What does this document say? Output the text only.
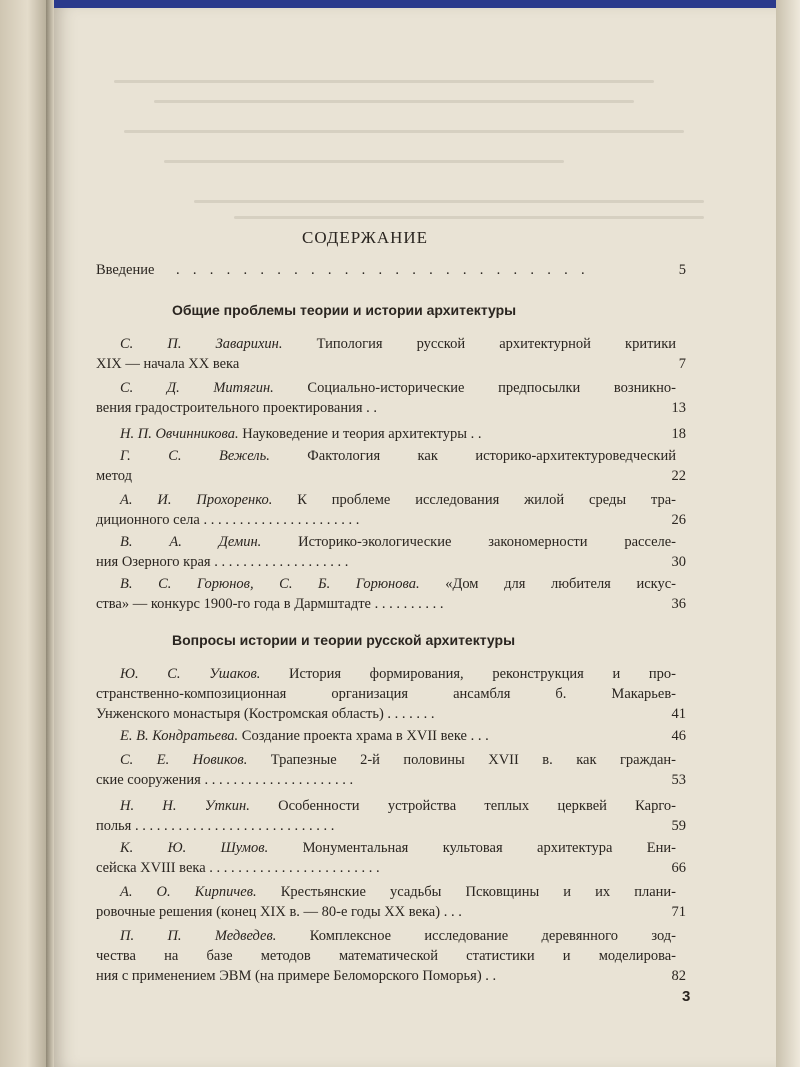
СОДЕРЖАНИЕ
Введение .  .  .  .  .  .  .  .  .  .  .  .  .  .  .  .  .  .  .  .  .  .  .  .  .	5
Общие проблемы теории и истории архитектуры
С. П. Заварихин. Типология русской архитектурной критики
XIX — начала XX века	7
С. Д. Митягин. Социально-исторические предпосылки возникно-
вения градостроительного проектирования . .	13
Н. П. Овчинникова. Науковедение и теория архитектуры . .	18
Г. С. Вежель.	Фактология как историко-архитектуроведческий
метод	22
А. И. Прохоренко. К проблеме исследования жилой среды тра-
диционного села . . . . . . . . . . . . . . . . . . . . . .	26
В. А. Демин.	Историко-экологические закономерности расселе-
ния Озерного края . . . . . . . . . . . . . . . . . . .	30
В. С. Горюнов, С. Б. Горюнова. «Дом для любителя искус-
ства» — конкурс 1900-го года в Дармштадте . . . . . . . . . .	36
Вопросы истории и теории русской архитектуры
Ю. С. Ушаков. История формирования, реконструкция и про-
странственно-композиционная организация ансамбля б. Макарьев-
Унженского монастыря (Костромская область) . . . . . . .	41
Е. В. Кондратьева. Создание проекта храма в XVII веке . . .	46
С. Е. Новиков. Трапезные 2-й половины XVII в. как граждан-
ские сооружения . . . . . . . . . . . . . . . . . . . . .	53
Н. Н. Уткин. Особенности устройства теплых церквей Карго-
полья . . . . . . . . . . . . . . . . . . . . . . . . . . . .	59
К. Ю. Шумов. Монументальная культовая архитектура Ени-
сейска XVIII века . . . . . . . . . . . . . . . . . . . . . . . .	66
А. О. Кирпичев. Крестьянские усадьбы Псковщины и их плани-
ровочные решения (конец XIX в. — 80-е годы XX века) . . .	71
П. П. Медведев. Комплексное исследование деревянного зод-
чества на базе методов математической статистики и моделирова-
ния с применением ЭВМ (на примере Беломорского Поморья) . .	82
3
